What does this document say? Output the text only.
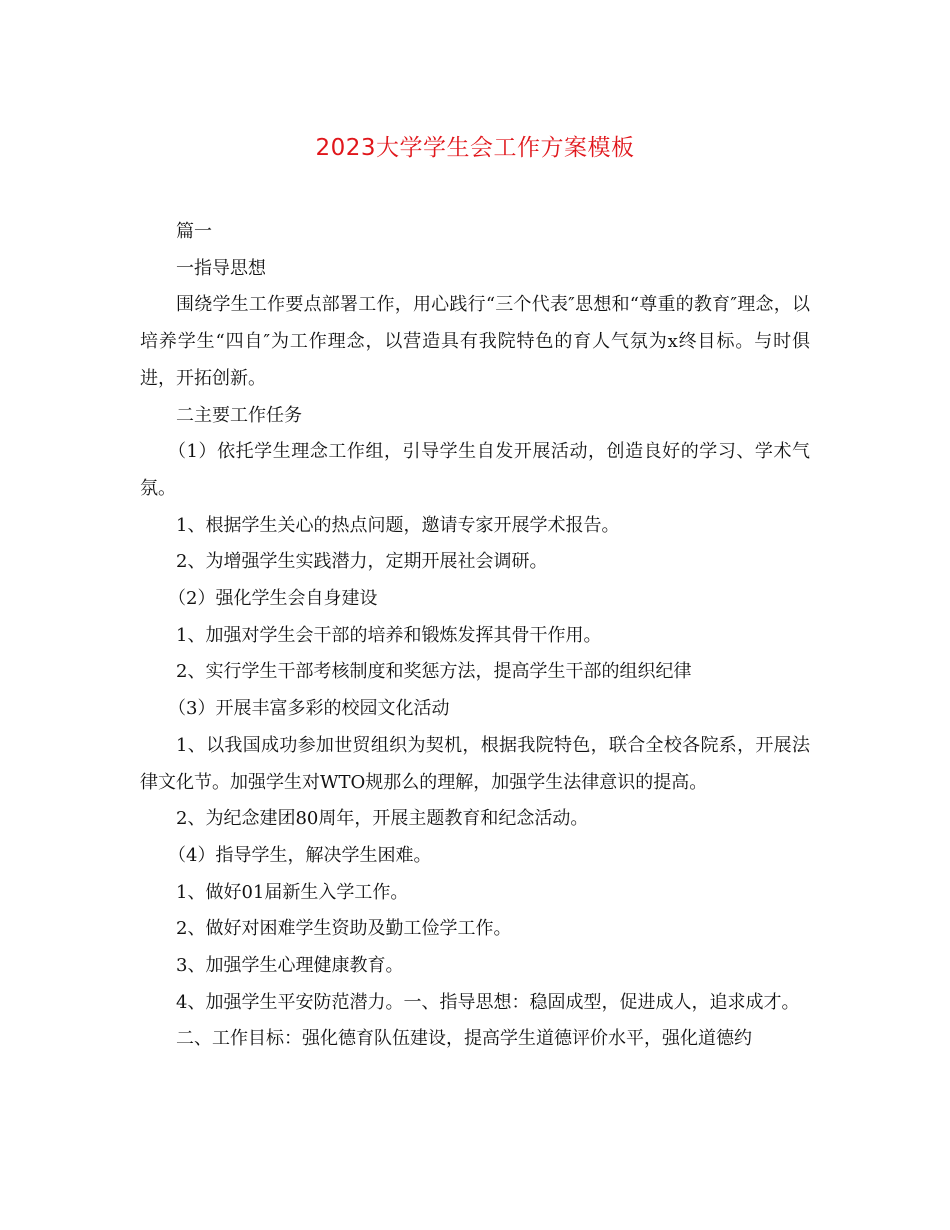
2023大学学生会工作方案模板

篇一

一指导思想

围绕学生工作要点部署工作，用心践行“三个代表″思想和“尊重的教育″理念，以培养学生“四自″为工作理念，以营造具有我院特色的育人气氛为x终目标。与时俱进，开拓创新。

二主要工作任务

（1）依托学生理念工作组，引导学生自发开展活动，创造良好的学习、学术气氛。

1、根据学生关心的热点问题，邀请专家开展学术报告。

2、为增强学生实践潜力，定期开展社会调研。

（2）强化学生会自身建设

1、加强对学生会干部的培养和锻炼发挥其骨干作用。

2、实行学生干部考核制度和奖惩方法，提高学生干部的组织纪律

（3）开展丰富多彩的校园文化活动

1、以我国成功参加世贸组织为契机，根据我院特色，联合全校各院系，开展法律文化节。加强学生对WTO规那么的理解，加强学生法律意识的提高。

2、为纪念建团80周年，开展主题教育和纪念活动。

（4）指导学生，解决学生困难。

1、做好01届新生入学工作。

2、做好对困难学生资助及勤工俭学工作。

3、加强学生心理健康教育。

4、加强学生平安防范潜力。一、指导思想：稳固成型，促进成人，追求成才。

二、工作目标：强化德育队伍建设，提高学生道德评价水平，强化道德约
